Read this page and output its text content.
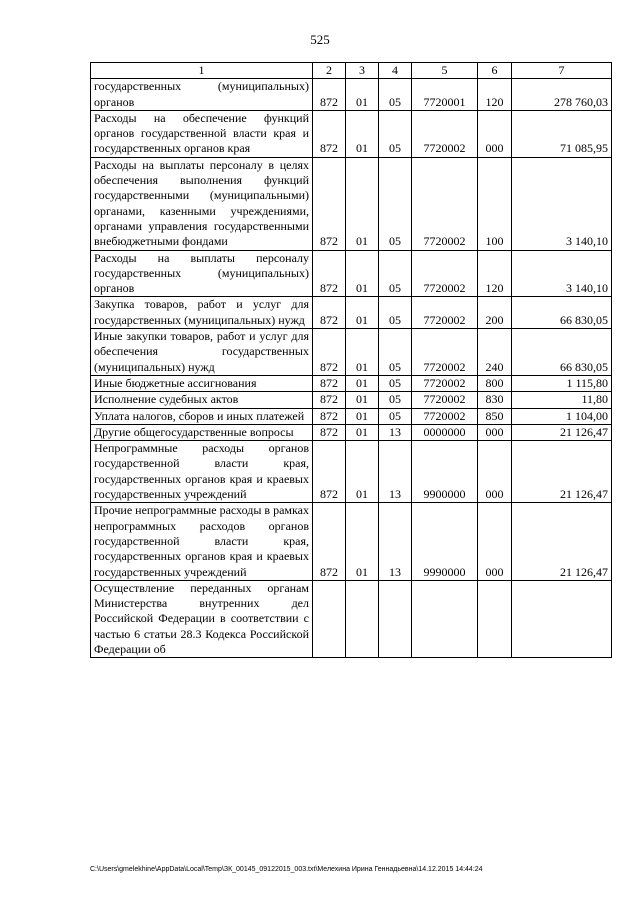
525
1	2	3	4	5	6	7
государственных (муниципальных) органов	872	01	05	7720001	120	278 760,03
Расходы на обеспечение функций органов государственной власти края и государственных органов края	872	01	05	7720002	000	71 085,95
Расходы на выплаты персоналу в целях обеспечения выполнения функций государственными (муниципальными) органами, казенными учреждениями, органами управления государственными внебюджетными фондами	872	01	05	7720002	100	3 140,10
Расходы на выплаты персоналу государственных (муниципальных) органов	872	01	05	7720002	120	3 140,10
Закупка товаров, работ и услуг для государственных (муниципальных) нужд	872	01	05	7720002	200	66 830,05
Иные закупки товаров, работ и услуг для обеспечения государственных (муниципальных) нужд	872	01	05	7720002	240	66 830,05
Иные бюджетные ассигнования	872	01	05	7720002	800	1 115,80
Исполнение судебных актов	872	01	05	7720002	830	11,80
Уплата налогов, сборов и иных платежей	872	01	05	7720002	850	1 104,00
Другие общегосударственные вопросы	872	01	13	0000000	000	21 126,47
Непрограммные расходы органов государственной власти края, государственных органов края и краевых государственных учреждений	872	01	13	9900000	000	21 126,47
Прочие непрограммные расходы в рамках непрограммных расходов органов государственной власти края, государственных органов края и краевых государственных учреждений	872	01	13	9990000	000	21 126,47
Осуществление переданных органам Министерства внутренних дел Российской Федерации в соответствии с частью 6 статьи 28.3 Кодекса Российской Федерации об						
C:\Users\gmelekhine\AppData\Local\Temp\ЗК_00145_09122015_003.txt\Мелехина Ирина Геннадьевна\14.12.2015 14:44:24
